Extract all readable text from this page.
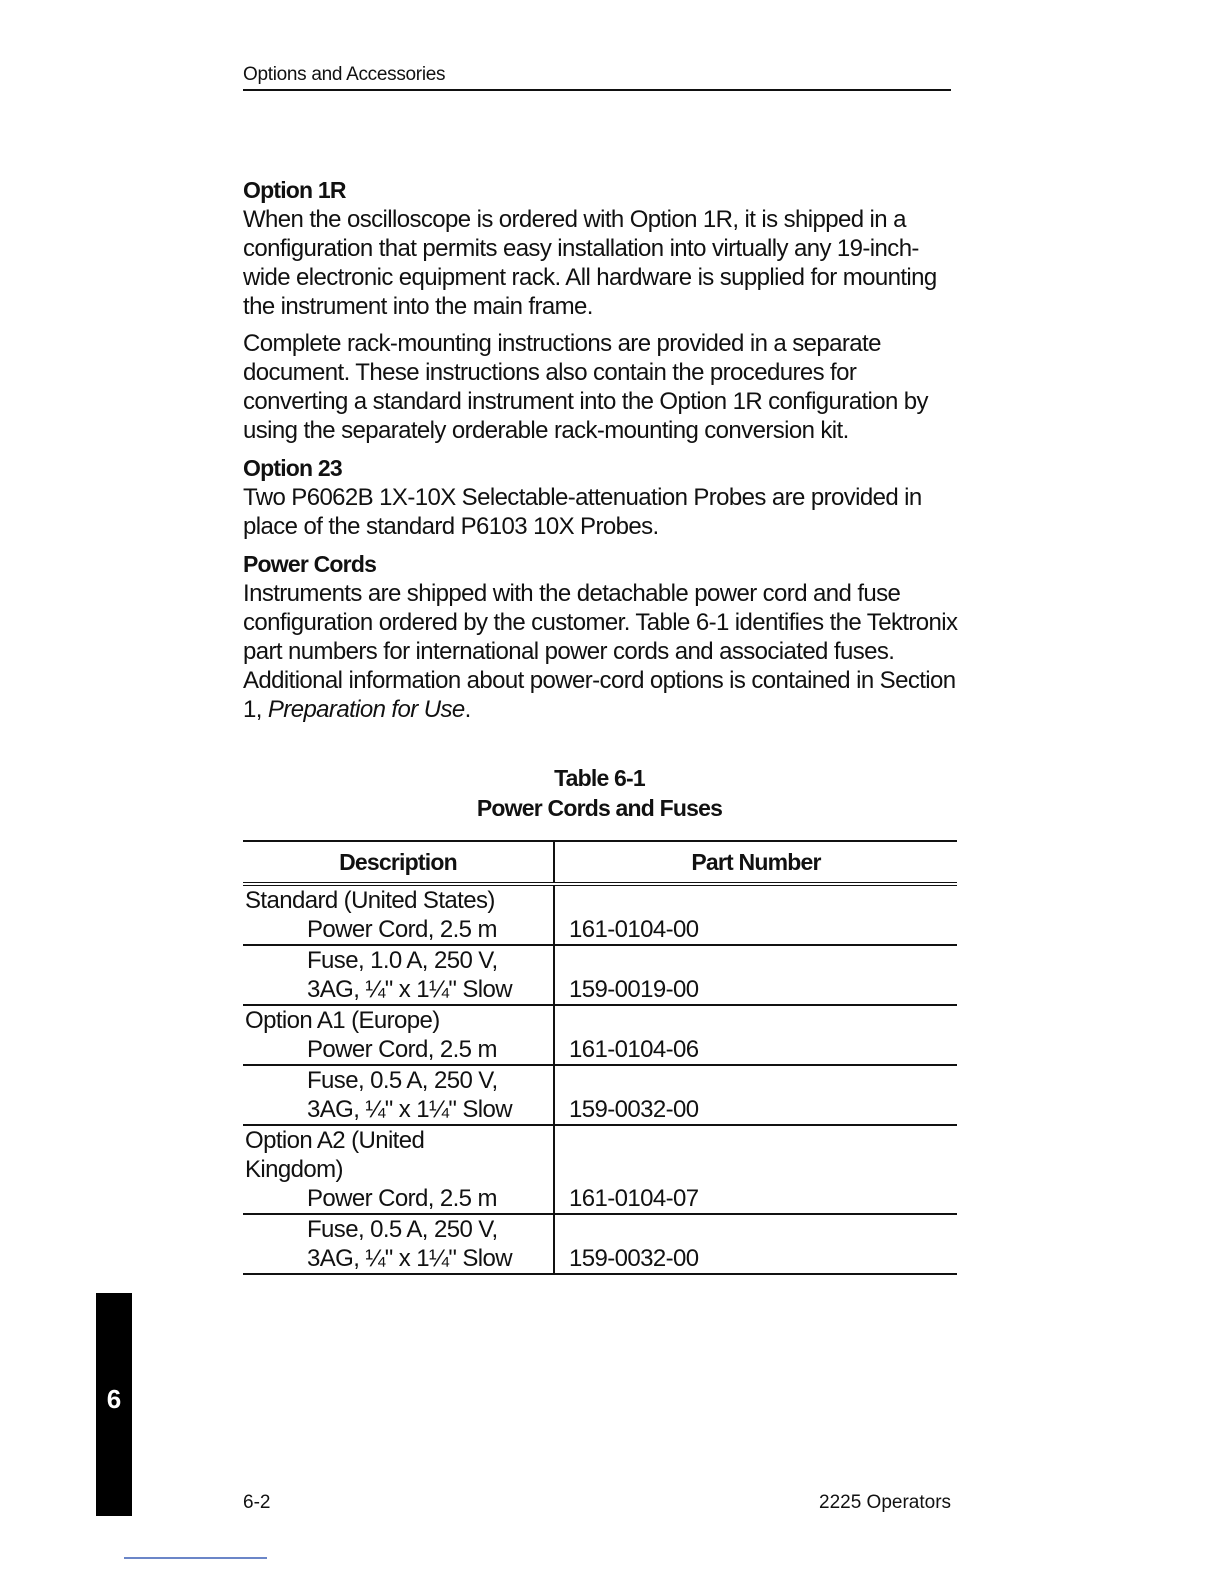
Options and Accessories
Option 1R

When the oscilloscope is ordered with Option 1R, it is shipped in a configuration that permits easy installation into virtually any 19-inch-wide electronic equipment rack. All hardware is supplied for mounting the instrument into the main frame.

Complete rack-mounting instructions are provided in a separate document. These instructions also contain the procedures for converting a standard instrument into the Option 1R configuration by using the separately orderable rack-mounting conversion kit.

Option 23

Two P6062B 1X-10X Selectable-attenuation Probes are provided in place of the standard P6103 10X Probes.

Power Cords

Instruments are shipped with the detachable power cord and fuse configuration ordered by the customer. Table 6-1 identifies the Tektronix part numbers for international power cords and associated fuses. Additional information about power-cord options is contained in Section 1, Preparation for Use.

Table 6-1
Power Cords and Fuses
Description	Part Number
Standard (United States)
Power Cord, 2.5 m	161-0104-00

Fuse, 1.0 A, 250 V,
3AG, ¼" x 1¼" Slow	159-0019-00
Option A1 (Europe)
Power Cord, 2.5 m	161-0104-06

Fuse, 0.5 A, 250 V,
3AG, ¼" x 1¼" Slow	159-0032-00
Option A2 (United
Kingdom)
Power Cord, 2.5 m	161-0104-07

Fuse, 0.5 A, 250 V,
3AG, ¼" x 1¼" Slow	159-0032-00
6
6-2	2225 Operators
